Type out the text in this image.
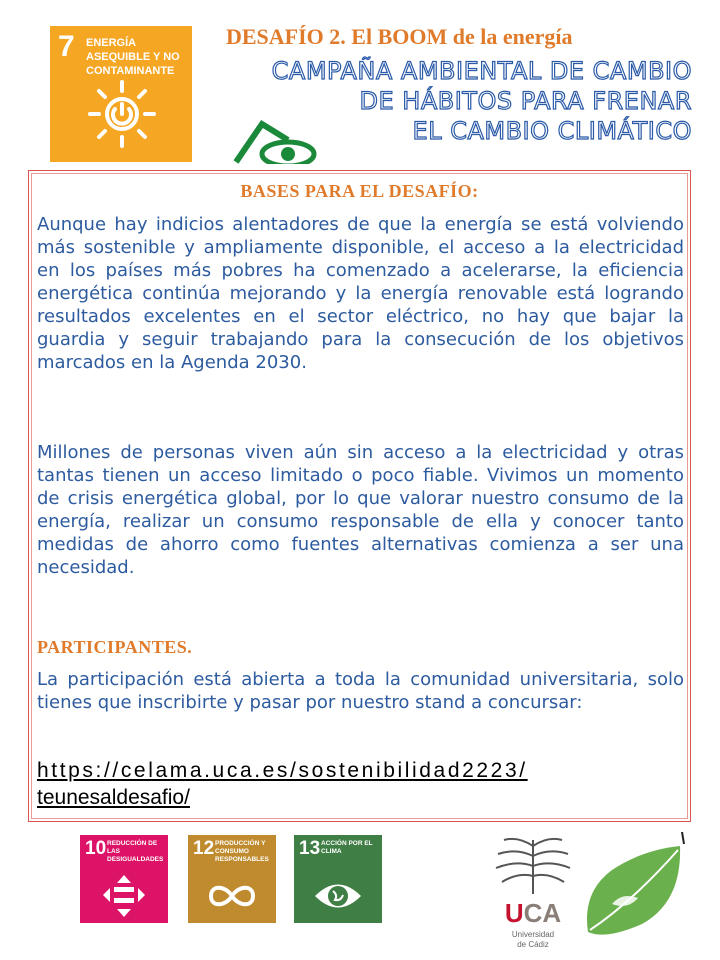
7 ENERGÍA ASEQUIBLE Y NO CONTAMINANTE
DESAFÍO 2. El BOOM de la energía
CAMPAÑA AMBIENTAL DE CAMBIO
DE HÁBITOS PARA FRENAR
EL CAMBIO CLIMÁTICO
BASES PARA EL DESAFÍO:
Aunque hay indicios alentadores de que la energía se está volviendo más sostenible y ampliamente disponible, el acceso a la electricidad en los países más pobres ha comenzado a acelerarse, la eficiencia energética continúa mejorando y la energía renovable está logrando resultados excelentes en el sector eléctrico, no hay que bajar la guardia y seguir trabajando para la consecución de los objetivos marcados en la Agenda 2030.
Millones de personas viven aún sin acceso a la electricidad y otras tantas tienen un acceso limitado o poco fiable. Vivimos un momento de crisis energética global, por lo que valorar nuestro consumo de la energía, realizar un consumo responsable de ella y conocer tanto medidas de ahorro como fuentes alternativas comienza a ser una necesidad.
PARTICIPANTES.
La participación está abierta a toda la comunidad universitaria, solo tienes que inscribirte y pasar por nuestro stand a concursar:
https://celama.uca.es/sostenibilidad2223/
teunesaldesafio/
10 REDUCCIÓN DE LAS DESIGUALDADES
12 PRODUCCIÓN Y CONSUMO RESPONSABLES
13 ACCIÓN POR EL CLIMA
UCA
Universidad
de Cádiz
